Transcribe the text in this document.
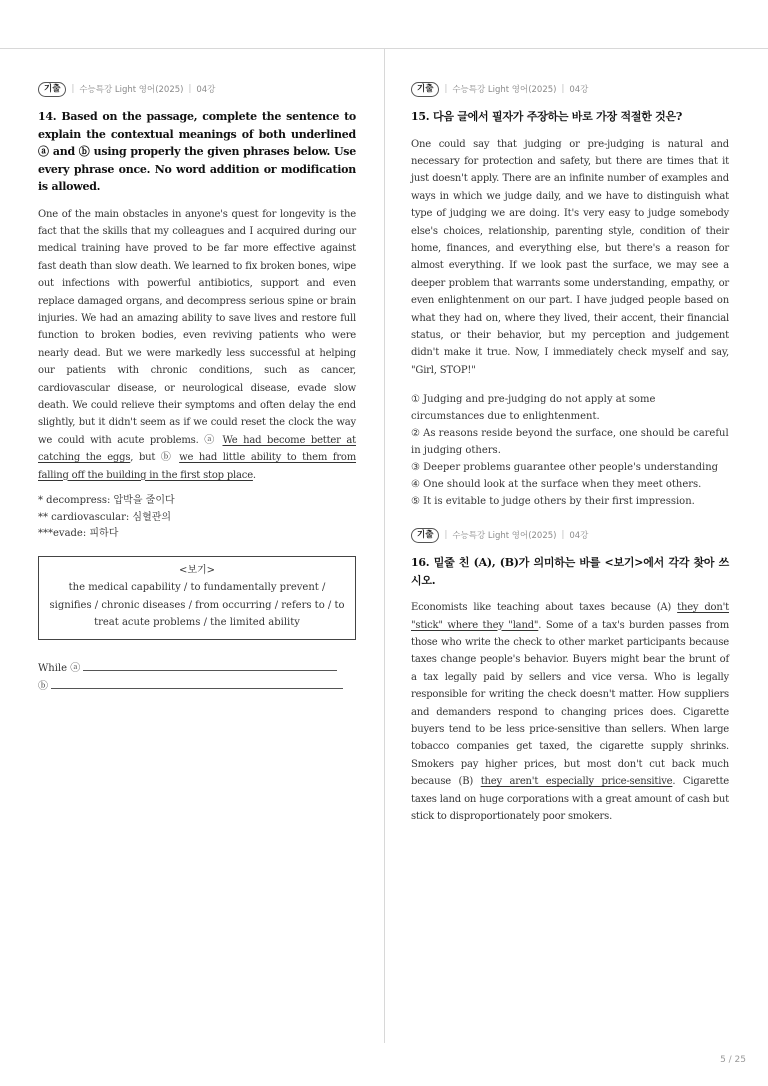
기출	| 수능특강 Light 영어(2025) | 04강
14. Based on the passage, complete the sentence to explain the contextual meanings of both underlined ⓐ and ⓑ using properly the given phrases below. Use every phrase once. No word addition or modification is allowed.
One of the main obstacles in anyone's quest for longevity is the fact that the skills that my colleagues and I acquired during our medical training have proved to be far more effective against fast death than slow death. We learned to fix broken bones, wipe out infections with powerful antibiotics, support and even replace damaged organs, and decompress serious spine or brain injuries. We had an amazing ability to save lives and restore full function to broken bodies, even reviving patients who were nearly dead. But we were markedly less successful at helping our patients with chronic conditions, such as cancer, cardiovascular disease, or neurological disease, evade slow death. We could relieve their symptoms and often delay the end slightly, but it didn't seem as if we could reset the clock the way we could with acute problems. ⓐ We had become better at catching the eggs, but ⓑ we had little ability to them from falling off the building in the first stop place.
* decompress: 압박을 줄이다
** cardiovascular: 심혈관의
***evade: 피하다
<보기>
the medical capability / to fundamentally prevent / signifies / chronic diseases / from occurring / refers to / to treat acute problems / the limited ability
While ⓐ
ⓑ
기출	| 수능특강 Light 영어(2025) | 04강
15. 다음 글에서 필자가 주장하는 바로 가장 적절한 것은?
One could say that judging or pre-judging is natural and necessary for protection and safety, but there are times that it just doesn't apply. There are an infinite number of examples and ways in which we judge daily, and we have to distinguish what type of judging we are doing. It's very easy to judge somebody else's choices, relationship, parenting style, condition of their home, finances, and everything else, but there's a reason for almost everything. If we look past the surface, we may see a deeper problem that warrants some understanding, empathy, or even enlightenment on our part. I have judged people based on what they had on, where they lived, their accent, their financial status, or their behavior, but my perception and judgement didn't make it true. Now, I immediately check myself and say, "Girl, STOP!"
① Judging and pre-judging do not apply at some circumstances due to enlightenment.
② As reasons reside beyond the surface, one should be careful in judging others.
③ Deeper problems guarantee other people's understanding
④ One should look at the surface when they meet others.
⑤ It is evitable to judge others by their first impression.
기출	| 수능특강 Light 영어(2025) | 04강
16. 밑줄 친 (A), (B)가 의미하는 바를 <보기>에서 각각 찾아 쓰시오.
Economists like teaching about taxes because (A) they don't "stick" where they "land". Some of a tax's burden passes from those who write the check to other market participants because taxes change people's behavior. Buyers might bear the brunt of a tax legally paid by sellers and vice versa. Who is legally responsible for writing the check doesn't matter. How suppliers and demanders respond to changing prices does. Cigarette buyers tend to be less price-sensitive than sellers. When large tobacco companies get taxed, the cigarette supply shrinks. Smokers pay higher prices, but most don't cut back much because (B) they aren't especially price-sensitive. Cigarette taxes land on huge corporations with a great amount of cash but stick to disproportionately poor smokers.
5 / 25
